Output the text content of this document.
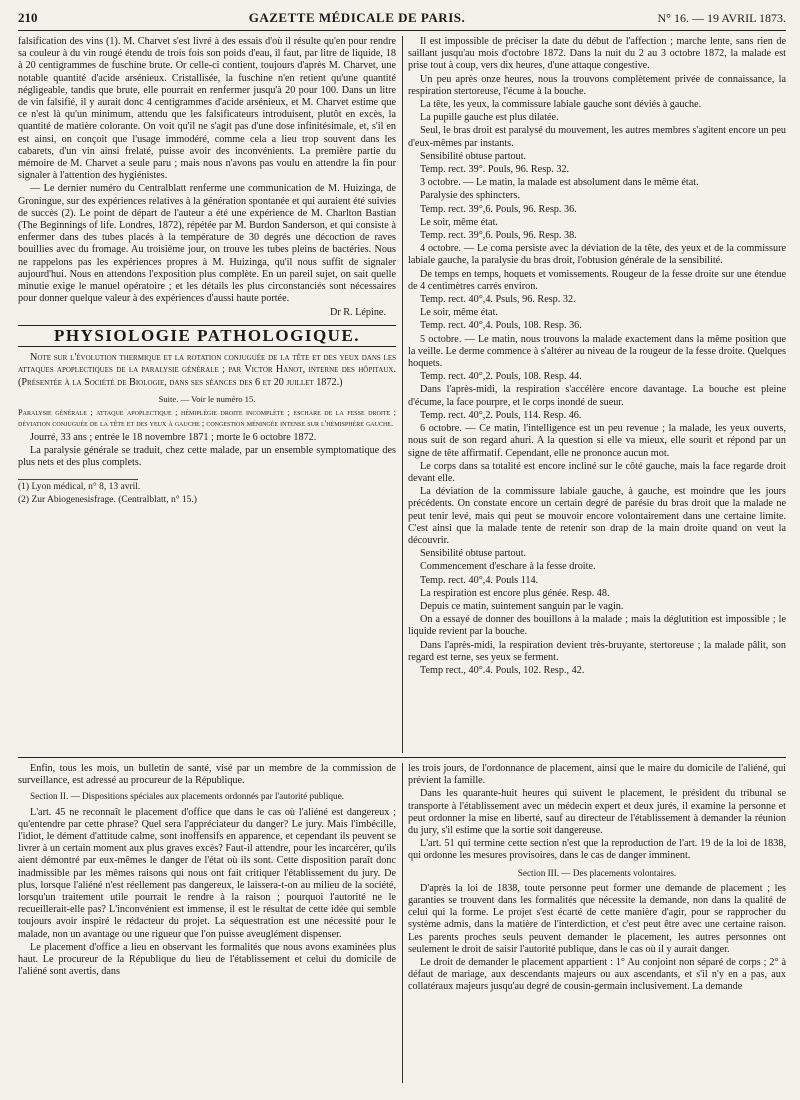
210	GAZETTE MÉDICALE DE PARIS.	N° 16. — 19 AVRIL 1873.

falsification des vins (1). M. Charvet s'est livré à des essais d'où il résulte qu'en pour rendre sa couleur à du vin rougé étendu de trois fois son poids d'eau, il faut, par litre de liquide, 18 à 20 centigrammes de fuschine brute. Or celle-ci contient, toujours d'après M. Charvet, une notable quantité d'acide arsénieux. Cristallisée, la fuschine n'en retient qu'une quantité négligeable, tandis que brute, elle pourrait en renfermer jusqu'à 20 pour 100. Dans un litre de vin falsifié, il y aurait donc 4 centigrammes d'acide arsénieux, et M. Charvet estime que ce n'est là qu'un minimum, attendu que les falsificateurs introduisent, plutôt en excès, la quantité de matière colorante. On voit qu'il ne s'agit pas d'une dose infinitésimale, et, s'il en est ainsi, on conçoit que l'usage immodéré, comme cela a lieu trop souvent dans les cabarets, d'un vin ainsi frelaté, puisse avoir des inconvénients. La première partie du mémoire de M. Charvet a seule paru ; mais nous n'avons pas voulu en attendre la fin pour signaler à l'attention des hygiénistes.

— Le dernier numéro du Centralblatt renferme une communication de M. Huizinga, de Groningue, sur des expériences relatives à la génération spontanée et qui auraient été suivies de succès (2). Le point de départ de l'auteur a été une expérience de M. Charlton Bastian (The Beginnings of life. Londres, 1872), répétée par M. Burdon Sanderson, et qui consiste à enfermer dans des tubes placés à la température de 30 degrés une décoction de raves bouillies avec du fromage. Au troisième jour, on trouve les tubes pleins de bactéries. Nous ne rappelons pas les expériences propres à M. Huizinga, qu'il nous suffit de signaler aujourd'hui. Nous en attendons l'exposition plus complète. En un pareil sujet, on sait quelle minutie exige le manuel opératoire ; et les détails les plus circonstanciés sont nécessaires pour donner quelque valeur à des expériences d'aussi haute portée.

Dr R. Lépine.
PHYSIOLOGIE PATHOLOGIQUE.
Note sur l'évolution thermique et la rotation conjuguée de la tête et des yeux dans les attaques apoplectiques de la paralysie générale ; par Victor Hanot, interne des hôpitaux. (Présentée à la Société de Biologie, dans ses séances des 6 et 20 juillet 1872.)
Suite. — Voir le numéro 15.
Paralysie générale ; attaque apoplectique ; hémiplégie droite incomplète ; eschare de la fesse droite ; déviation conjuguée de la tête et des yeux à gauche ; congestion méningée intense sur l'hémisphère gauche.

Jourré, 33 ans ; entrée le 18 novembre 1871 ; morte le 6 octobre 1872.

La paralysie générale se traduit, chez cette malade, par un ensemble symptomatique des plus nets et des plus complets.

(1) Lyon médical, n° 8, 13 avril.

(2) Zur Abiogenesisfrage. (Centralblatt, n° 15.)

Il est impossible de préciser la date du début de l'affection ; marche lente, sans rien de saillant jusqu'au mois d'octobre 1872. Dans la nuit du 2 au 3 octobre 1872, la malade est prise tout à coup, vers dix heures, d'une attaque congestive.

Un peu après onze heures, nous la trouvons complètement privée de connaissance, la respiration stertoreuse, l'écume à la bouche.

La tête, les yeux, la commissure labiale gauche sont déviés à gauche.

La pupille gauche est plus dilatée.

Seul, le bras droit est paralysé du mouvement, les autres membres s'agitent encore un peu d'eux-mêmes par instants.

Sensibilité obtuse partout.

Temp. rect. 39°. Pouls, 96. Resp. 32.

3 octobre. — Le matin, la malade est absolument dans le même état.

Paralysie des sphincters.

Temp. rect. 39°,6. Pouls, 96. Resp. 36.

Le soir, même état.

Temp. rect. 39°,6. Pouls, 96. Resp. 38.

4 octobre. — Le coma persiste avec la déviation de la tête, des yeux et de la commissure labiale gauche, la paralysie du bras droit, l'obtusion générale de la sensibilité.

De temps en temps, hoquets et vomissements. Rougeur de la fesse droite sur une étendue de 4 centimètres carrés environ.

Temp. rect. 40°,4. Psuls, 96. Resp. 32.

Le soir, même état.

Temp. rect. 40°,4. Pouls, 108. Resp. 36.

5 octobre. — Le matin, nous trouvons la malade exactement dans la même position que la veille. Le derme commence à s'altérer au niveau de la rougeur de la fesse droite. Quelques hoquets.

Temp. rect. 40°,2. Pouls, 108. Resp. 44.

Dans l'après-midi, la respiration s'accélère encore davantage. La bouche est pleine d'écume, la face pourpre, et le corps inondé de sueur.

Temp. rect. 40°,2. Pouls, 114. Resp. 46.

6 octobre. — Ce matin, l'intelligence est un peu revenue ; la malade, les yeux ouverts, nous suit de son regard ahuri. A la question si elle va mieux, elle sourit et répond par un signe de tête affirmatif. Cependant, elle ne prononce aucun mot.

Le corps dans sa totalité est encore incliné sur le côté gauche, mais la face regarde droit devant elle.

La déviation de la commissure labiale gauche, à gauche, est moindre que les jours précédents. On constate encore un certain degré de parésie du bras droit que la malade ne peut tenir levé, mais qui peut se mouvoir encore volontairement dans une certaine limite. C'est ainsi que la malade tente de retenir son drap de la main droite quand on veut la découvrir.

Sensibilité obtuse partout.

Commencement d'eschare à la fesse droite.

Temp. rect. 40°,4. Pouls 114.

La respiration est encore plus génée. Resp. 48.

Depuis ce matin, suintement sanguin par le vagin.

On a essayé de donner des bouillons à la malade ; mais la déglutition est impossible ; le liquide revient par la bouche.

Dans l'après-midi, la respiration devient très-bruyante, stertoreuse ; la malade pâlit, son regard est terne, ses yeux se ferment.

Temp rect., 40°.4. Pouls, 102. Resp., 42.

Enfin, tous les mois, un bulletin de santé, visé par un membre de la commission de surveillance, est adressé au procureur de la République.

Section II. — Dispositions spéciales aux placements ordonnés par l'autorité publique.

L'art. 45 ne reconnaît le placement d'office que dans le cas où l'aliéné est dangereux ; qu'entendre par cette phrase? Quel sera l'appréciateur du danger? Le jury. Mais l'imbécille, l'idiot, le dément d'attitude calme, sont inoffensifs en apparence, et cependant ils peuvent se livrer à un certain moment aux plus graves excès? Faut-il attendre, pour les incarcérer, qu'ils aient démontré par eux-mêmes le danger de l'état où ils sont. Cette disposition paraît donc inadmissible par les mêmes raisons qui nous ont fait critiquer l'établissement du jury. De plus, lorsque l'aliéné n'est réellement pas dangereux, le laissera-t-on au milieu de la société, lorsqu'un traitement utile pourrait le rendre à la raison ; pourquoi l'autorité ne le recueillerait-elle pas? L'inconvénient est immense, il est le résultat de cette idée qui semble toujours avoir inspiré le rédacteur du projet. La séquestration est une nécessité pour le malade, non un avantage ou une rigueur que l'on puisse aveuglément dispenser.

Le placement d'office a lieu en observant les formalités que nous avons examinées plus haut. Le procureur de la République du lieu de l'établissement et celui du domicile de l'aliéné sont avertis, dans

les trois jours, de l'ordonnance de placement, ainsi que le maire du domicile de l'aliéné, qui prévient la famille.

Dans les quarante-huit heures qui suivent le placement, le président du tribunal se transporte à l'établissement avec un médecin expert et deux jurés, il examine la personne et peut ordonner la mise en liberté, sauf au directeur de l'établissement à demander la réunion du jury, s'il estime que la sortie soit dangereuse.

L'art. 51 qui termine cette section n'est que la reproduction de l'art. 19 de la loi de 1838, qui ordonne les mesures provisoires, dans le cas de danger imminent.

Section III. — Des placements volontaires.

D'après la loi de 1838, toute personne peut former une demande de placement ; les garanties se trouvent dans les formalités que nécessite la demande, non dans la qualité de celui qui la forme. Le projet s'est écarté de cette manière d'agir, pour se rapprocher du système admis, dans la matière de l'interdiction, et c'est peut être avec une certaine raison. Les parents proches seuls peuvent demander le placement, les autres personnes ont seulement le droit de saisir l'autorité publique, dans le cas où il y aurait danger.

Le droit de demander le placement appartient : 1° Au conjoint non séparé de corps ; 2° à défaut de mariage, aux descendants majeurs ou aux ascendants, et s'il n'y en a pas, aux collatéraux majeurs jusqu'au degré de cousin-germain inclusivement. La demande
